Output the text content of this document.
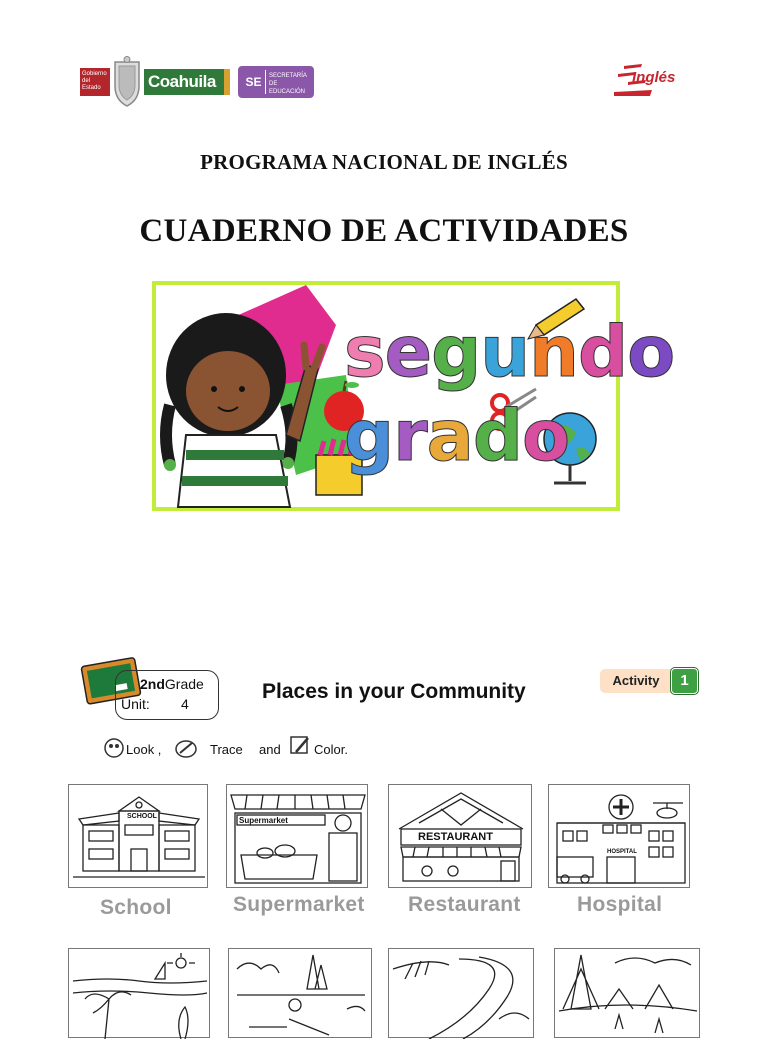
Gobierno del Estado	Coahuila	SE	SECRETARÍA DE EDUCACIÓN
Inglés
PROGRAMA NACIONAL DE INGLÉS
CUADERNO DE ACTIVIDADES
segundo
grado
2ndGrade
Unit: 4
Places in your Community	Activity	1
Look ,	Trace and	Color.
SCHOOL
School
Supermarket
Supermarket
RESTAURANT
Restaurant
HOSPITAL
Hospital
